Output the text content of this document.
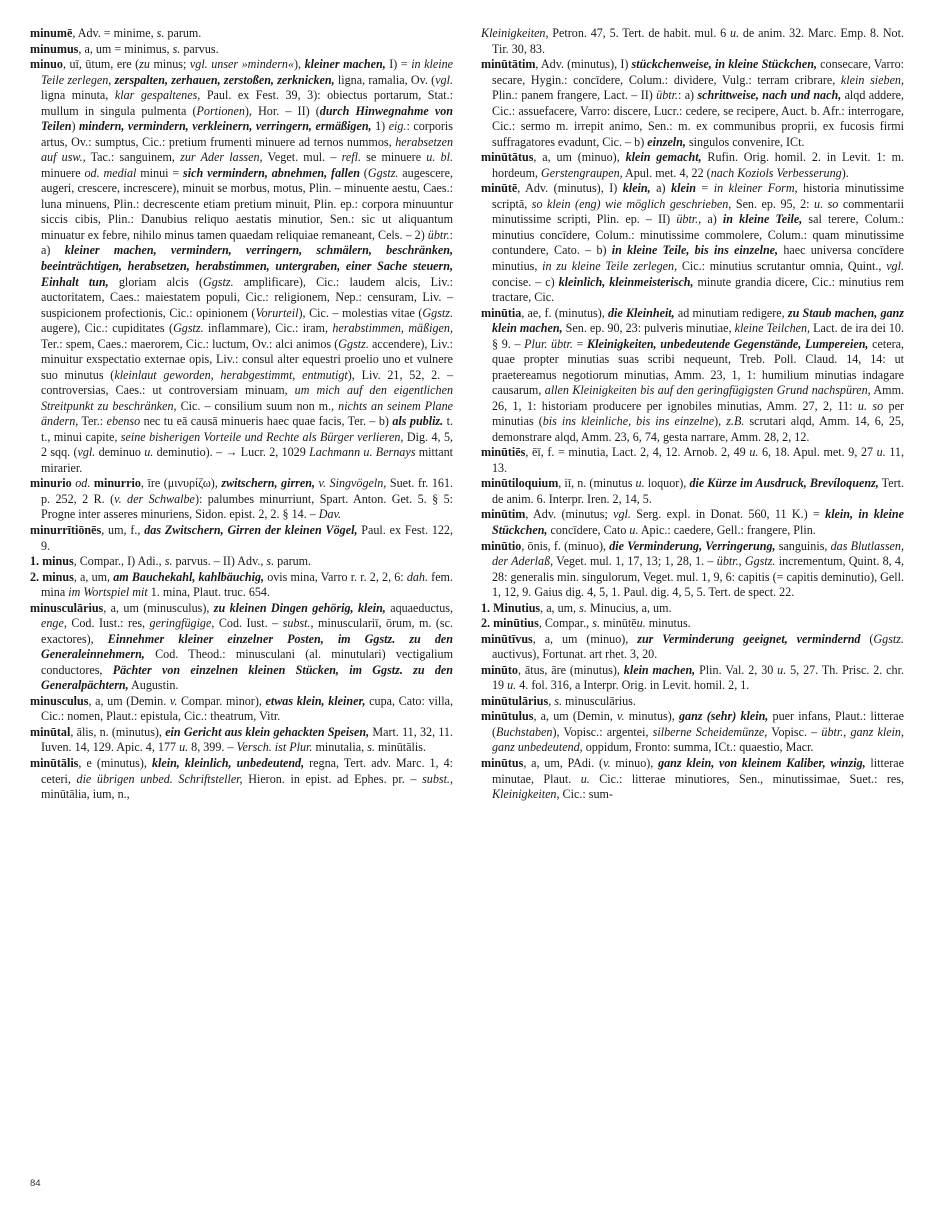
minumē, Adv. = minime, s. parum.

minumus, a, um = minimus, s. parvus.

minuo, uī, ūtum, ere (zu minus; vgl. unser »mindern«), kleiner machen, I) = in kleine Teile zerlegen, zerspalten, zerhauen, zerstoßen, zerknicken, ligna, ramalia, Ov. (vgl. ligna minuta, klar gespaltenes, Paul. ex Fest. 39, 3): obiectus portarum, Stat.: mullum in singula pulmenta (Portionen), Hor. – II) (durch Hinwegnahme von Teilen) mindern, vermindern, verkleinern, verringern, ermäßigen, 1) eig.: corporis artus, Ov.: sumptus, Cic.: pretium frumenti minuere ad ternos nummos, herabsetzen auf usw., Tac.: sanguinem, zur Ader lassen, Veget. mul. – refl. se minuere u. bl. minuere od. medial minui = sich vermindern, abnehmen, fallen (Ggstz. augescere, augeri, crescere, increscere), minuit se morbus, motus, Plin. – minuente aestu, Caes.: luna minuens, Plin.: decrescente etiam pretium minuit, Plin. ep.: corpora minuuntur siccis cibis, Plin.: Danubius reliquo aestatis minutior, Sen.: sic ut aliquantum minuatur ex febre, nihilo minus tamen quaedam reliquiae remaneant, Cels. – 2) übtr.: a) kleiner machen, vermindern, verringern, schmälern, beschränken, beeinträchtigen, herabsetzen, herabstimmen, untergraben, einer Sache steuern, Einhalt tun, gloriam alcis (Ggstz. amplificare), Cic.: laudem alcis, Liv.: auctoritatem, Caes.: maiestatem populi, Cic.: religionem, Nep.: censuram, Liv. – suspicionem profectionis, Cic.: opinionem (Vorurteil), Cic. – molestias vitae (Ggstz. augere), Cic.: cupiditates (Ggstz. inflammare), Cic.: iram, herabstimmen, mäßigen, Ter.: spem, Caes.: maerorem, Cic.: luctum, Ov.: alci animos (Ggstz. accendere), Liv.: minuitur exspectatio externae opis, Liv.: consul alter equestri proelio uno et vulnere suo minutus (kleinlaut geworden, herabgestimmt, entmutigt), Liv. 21, 52, 2. – controversias, Caes.: ut controversiam minuam, um mich auf den eigentlichen Streitpunkt zu beschränken, Cic. – consilium suum non m., nichts an seinem Plane ändern, Ter.: ebenso nec tu eā causā minueris haec quae facis, Ter. – b) als publiz. t. t., minui capite, seine bisherigen Vorteile und Rechte als Bürger verlieren, Dig. 4, 5, 2 sqq. (vgl. deminuo u. deminutio). – → Lucr. 2, 1029 Lachmann u. Bernays mittant mirarier.

minurio od. minurrio, īre (μινυρίζω), zwitschern, girren, v. Singvögeln, Suet. fr. 161. p. 252, 2 R. (v. der Schwalbe): palumbes minurriunt, Spart. Anton. Get. 5. § 5: Progne inter asseres minuriens, Sidon. epist. 2, 2. § 14. – Dav.

minurrītiōnēs, um, f., das Zwitschern, Girren der kleinen Vögel, Paul. ex Fest. 122, 9.

1. minus, Compar., I) Adi., s. parvus. – II) Adv., s. parum.

2. minus, a, um, am Bauchekahl, kahlbäuchig, ovis mina, Varro r. r. 2, 2, 6: dah. fem. mina im Wortspiel mit 1. mina, Plaut. truc. 654.

minusculārius, a, um (minusculus), zu kleinen Dingen gehörig, klein, aquaeductus, enge, Cod. Iust.: res, geringfügige, Cod. Iust. – subst., minusculariī, ōrum, m. (sc. exactores), Einnehmer kleiner einzelner Posten, im Ggstz. zu den Generaleinnehmern, Cod. Theod.: minusculani (al. minutulari) vectigalium conductores, Pächter von einzelnen kleinen Stücken, im Ggstz. zu den Generalpächtern, Augustin.

minusculus, a, um (Demin. v. Compar. minor), etwas klein, kleiner, cupa, Cato: villa, Cic.: nomen, Plaut.: epistula, Cic.: theatrum, Vitr.

minūtal, ālis, n. (minutus), ein Gericht aus klein gehackten Speisen, Mart. 11, 32, 11. Iuven. 14, 129. Apic. 4, 177 u. 8, 399. – Versch. ist Plur. minutalia, s. minūtālis.

minūtālis, e (minutus), klein, kleinlich, unbedeutend, regna, Tert. adv. Marc. 1, 4: ceteri, die übrigen unbed. Schriftsteller, Hieron. in epist. ad Ephes. pr. – subst., minūtālia, ium, n.,

Kleinigkeiten, Petron. 47, 5. Tert. de habit. mul. 6 u. de anim. 32. Marc. Emp. 8. Not. Tir. 30, 83.

minūtātim, Adv. (minutus), I) stückchenweise, in kleine Stückchen, consecare, Varro: secare, Hygin.: concīdere, Colum.: dividere, Vulg.: terram cribrare, klein sieben, Plin.: panem frangere, Lact. – II) übtr.: a) schrittweise, nach und nach, alqd addere, Cic.: assuefacere, Varro: discere, Lucr.: cedere, se recipere, Auct. b. Afr.: interrogare, Cic.: sermo m. irrepit animo, Sen.: m. ex communibus proprii, ex fucosis firmi suffragatores evadunt, Cic. – b) einzeln, singulos convenire, ICt.

minūtātus, a, um (minuo), klein gemacht, Rufin. Orig. homil. 2. in Levit. 1: m. hordeum, Gerstengraupen, Apul. met. 4, 22 (nach Koziols Verbesserung).

minūtē, Adv. (minutus), I) klein, a) klein = in kleiner Form, historia minutissime scriptā, so klein (eng) wie möglich geschrieben, Sen. ep. 95, 2: u. so commentarii minutissime scripti, Plin. ep. – II) übtr., a) in kleine Teile, sal terere, Colum.: minutius concīdere, Colum.: minutissime commolere, Colum.: quam minutissime contundere, Cato. – b) in kleine Teile, bis ins einzelne, haec universa concīdere minutius, in zu kleine Teile zerlegen, Cic.: minutius scrutantur omnia, Quint., vgl. concise. – c) kleinlich, kleinmeisterisch, minute grandia dicere, Cic.: minutius rem tractare, Cic.

minūtia, ae, f. (minutus), die Kleinheit, ad minutiam redigere, zu Staub machen, ganz klein machen, Sen. ep. 90, 23: pulveris minutiae, kleine Teilchen, Lact. de ira dei 10. § 9. – Plur. übtr. = Kleinigkeiten, unbedeutende Gegenstände, Lumpereien, cetera, quae propter minutias suas scribi nequeunt, Treb. Poll. Claud. 14, 14: ut praetereamus negotiorum minutias, Amm. 23, 1, 1: humilium minutias indagare causarum, allen Kleinigkeiten bis auf den geringfügigsten Grund nachspüren, Amm. 26, 1, 1: historiam producere per ignobiles minutias, Amm. 27, 2, 11: u. so per minutias (bis ins kleinliche, bis ins einzelne), z.B. scrutari alqd, Amm. 14, 6, 25, demonstrare alqd, Amm. 23, 6, 74, gesta narrare, Amm. 28, 2, 12.

minūtiēs, ēī, f. = minutia, Lact. 2, 4, 12. Arnob. 2, 49 u. 6, 18. Apul. met. 9, 27 u. 11, 13.

minūtiloquium, iī, n. (minutus u. loquor), die Kürze im Ausdruck, Brevíloquenz, Tert. de anim. 6. Interpr. Iren. 2, 14, 5.

minūtim, Adv. (minutus; vgl. Serg. expl. in Donat. 560, 11 K.) = klein, in kleine Stückchen, concīdere, Cato u. Apic.: caedere, Gell.: frangere, Plin.

minūtio, ōnis, f. (minuo), die Verminderung, Verringerung, sanguinis, das Blutlassen, der Aderlaß, Veget. mul. 1, 17, 13; 1, 28, 1. – übtr., Ggstz. incrementum, Quint. 8, 4, 28: generalis min. singulorum, Veget. mul. 1, 9, 6: capitis (= capitis deminutio), Gell. 1, 12, 9. Gaius dig. 4, 5, 1. Paul. dig. 4, 5, 5. Tert. de spect. 22.

1. Minutius, a, um, s. Minucius, a, um.

2. minūtius, Compar., s. minūtēu. minutus.

minūtīvus, a, um (minuo), zur Verminderung geeignet, vermindernd (Ggstz. auctivus), Fortunat. art rhet. 3, 20.

minūto, ātus, āre (minutus), klein machen, Plin. Val. 2, 30 u. 5, 27. Th. Prisc. 2. chr. 19 u. 4. fol. 316, a Interpr. Orig. in Levit. homil. 2, 1.

minūtulārius, s. minusculārius.

minūtulus, a, um (Demin, v. minutus), ganz (sehr) klein, puer infans, Plaut.: litterae (Buchstaben), Vopisc.: argentei, silberne Scheidemünze, Vopisc. – übtr., ganz klein, ganz unbedeutend, oppidum, Fronto: summa, ICt.: quaestio, Macr.

minūtus, a, um, PAdi. (v. minuo), ganz klein, von kleinem Kaliber, winzig, litterae minutae, Plaut. u. Cic.: litterae minutiores, Sen., minutissimae, Suet.: res, Kleinigkeiten, Cic.: sum-

84
